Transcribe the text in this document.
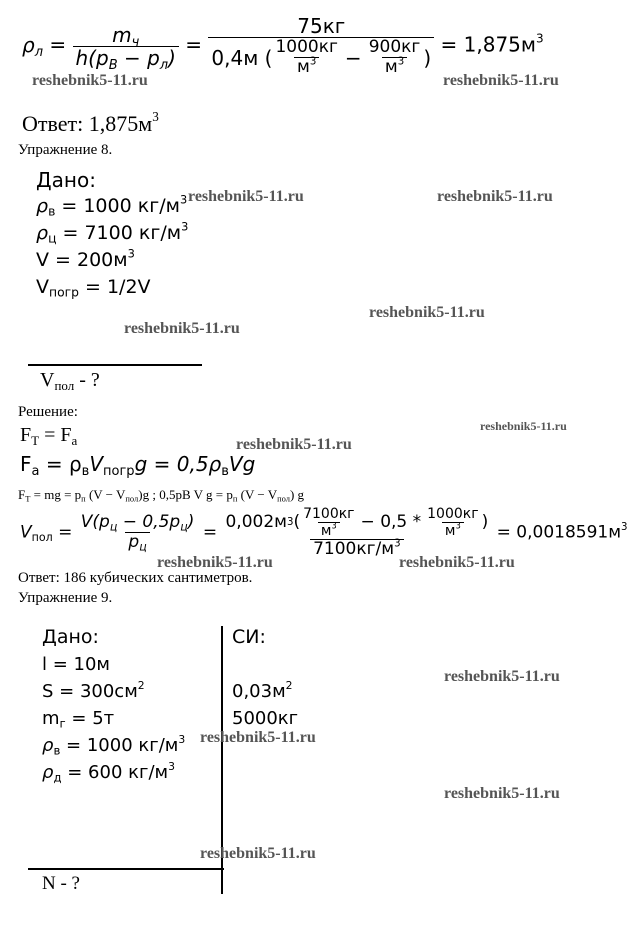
$\rho_л = \frac{m_ч}{h(p_B - p_л)}$ =
75кг
0,4м ( $\frac{1000кг}{м^3} - \frac{900кг}{м^3}$ )
= $1,875м^3$
reshebnik5-11.ru	reshebnik5-11.ru
Ответ: $1,875м^3$
Упражнение 8.
Дано:
reshebnik5-11.ru	reshebnik5-11.ru
$\rho_в = 1000$ $кг/м^3$
$\rho_ц = 7100$ $кг/м^3$
$V = 200м^3$
$V_{погр} = 1/2V$
reshebnik5-11.ru
reshebnik5-11.ru
$V_{пол}$ - ?
Решение:
reshebnik5-11.ru
$F_Т = F_а$	reshebnik5-11.ru
$F_а = \rho_вV_{погр}g = 0,5\rho_вVg$
$F_Т$ = mg = $p_п$ $(V - V_{пол})g$ ; 0,5pB V $g = p_п$ $(V - V_{пол})$ g
$V_{пол} = \frac{V(p_ц - 0,5p_ц)}{p_ц}$ =
0,002м 3 ( $\frac{7100кг}{м^3} - 0,5 * \frac{1000кг}{м^3}$ )
$7100кг/м^3$
= $0,0018591м^3$
reshebnik5-11.ru	reshebnik5-11.ru
Ответ: 186 кубических сантиметров.
Упражнение 9.
Дано:	СИ:
l = 10м
reshebnik5-11.ru
$S = 300см^2$	$0,03м^2$
$m_г = 5т$	5000кг
reshebnik5-11.ru
$\rho_в = 1000$ $кг/м^3$
$\rho_д = 600$ $кг/м^3$
reshebnik5-11.ru
reshebnik5-11.ru
N - ?
